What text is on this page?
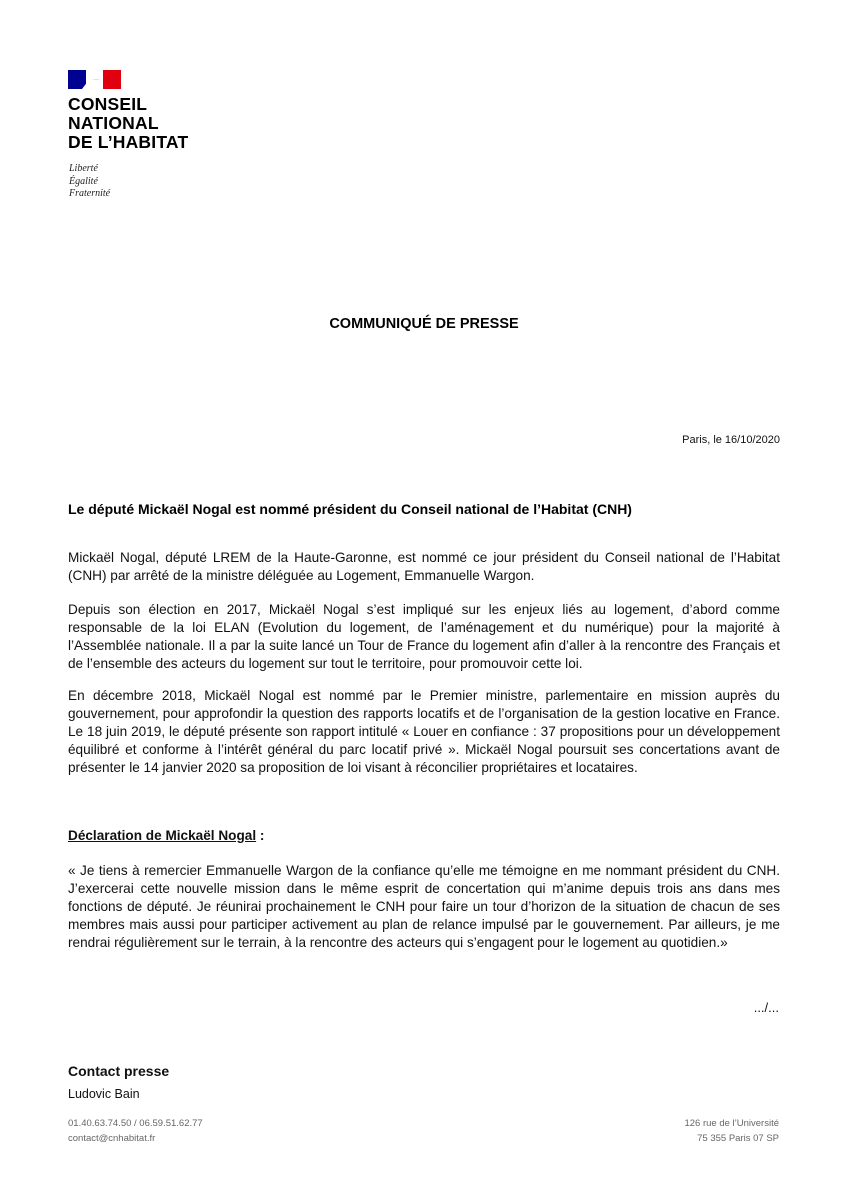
CONSEIL
NATIONAL
DE L’HABITAT
Liberté
Égalité
Fraternité
COMMUNIQUÉ DE PRESSE
Paris, le 16/10/2020
Le député Mickaël Nogal est nommé président du Conseil national de l’Habitat (CNH)

Mickaël Nogal, député LREM de la Haute-Garonne, est nommé ce jour président du Conseil national de l’Habitat (CNH) par arrêté de la ministre déléguée au Logement, Emmanuelle Wargon.

Depuis son élection en 2017, Mickaël Nogal s’est impliqué sur les enjeux liés au logement, d’abord comme responsable de la loi ELAN (Evolution du logement, de l’aménagement et du numérique) pour la majorité à l’Assemblée nationale. Il a par la suite lancé un Tour de France du logement afin d’aller à la rencontre des Français et de l’ensemble des acteurs du logement sur tout le territoire, pour promouvoir cette loi.

En décembre 2018, Mickaël Nogal est nommé par le Premier ministre, parlementaire en mission auprès du gouvernement, pour approfondir la question des rapports locatifs et de l’organisation de la gestion locative en France. Le 18 juin 2019, le député présente son rapport intitulé « Louer en confiance : 37 propositions pour un développement équilibré et conforme à l’intérêt général du parc locatif privé ». Mickaël Nogal poursuit ses concertations avant de présenter le 14 janvier 2020 sa proposition de loi visant à réconcilier propriétaires et locataires.

Déclaration de Mickaël Nogal :

« Je tiens à remercier Emmanuelle Wargon de la confiance qu’elle me témoigne en me nommant président du CNH. J’exercerai cette nouvelle mission dans le même esprit de concertation qui m’anime depuis trois ans dans mes fonctions de député. Je réunirai prochainement le CNH pour faire un tour d’horizon de la situation de chacun de ses membres mais aussi pour participer activement au plan de relance impulsé par le gouvernement. Par ailleurs, je me rendrai régulièrement sur le terrain, à la rencontre des acteurs qui s’engagent pour le logement au quotidien.»

.../...
Contact presse
Ludovic Bain
01.40.63.74.50 / 06.59.51.62.77
contact@cnhabitat.fr
126 rue de l’Université
75 355 Paris 07 SP
